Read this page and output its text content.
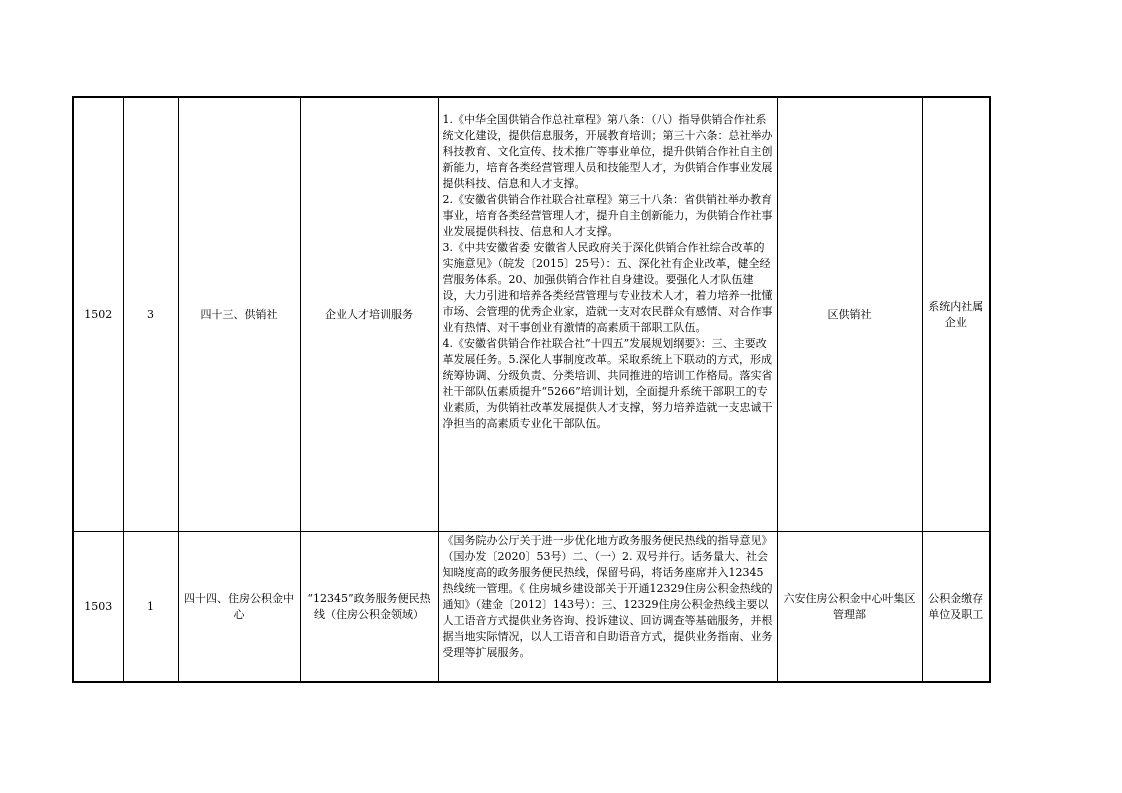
1502	3	四十三、供销社	企业人才培训服务	1.《中华全国供销合作总社章程》第八条：（八）指导供销合作社系统文化建设，提供信息服务，开展教育培训；第三十六条：总社举办科技教育、文化宣传、技术推广等事业单位，提升供销合作社自主创新能力，培育各类经营管理人员和技能型人才，为供销合作事业发展提供科技、信息和人才支撑。
2.《安徽省供销合作社联合社章程》第三十八条：省供销社举办教育事业，培育各类经营管理人才，提升自主创新能力，为供销合作社事业发展提供科技、信息和人才支撑。
3.《中共安徽省委 安徽省人民政府关于深化供销合作社综合改革的实施意见》（皖发〔2015〕25号）：五、深化社有企业改革，健全经营服务体系。20、加强供销合作社自身建设。要强化人才队伍建设，大力引进和培养各类经营管理与专业技术人才，着力培养一批懂市场、会管理的优秀企业家，造就一支对农民群众有感情、对合作事业有热情、对干事创业有激情的高素质干部职工队伍。
4.《安徽省供销合作社联合社“十四五”发展规划纲要》：三、主要改革发展任务。5.深化人事制度改革。采取系统上下联动的方式，形成统筹协调、分级负责、分类培训、共同推进的培训工作格局。落实省社干部队伍素质提升“5266”培训计划，全面提升系统干部职工的专业素质，为供销社改革发展提供人才支撑，努力培养造就一支忠诚干净担当的高素质专业化干部队伍。	区供销社	系统内社属企业
1503	1	四十四、住房公积金中心	“12345”政务服务便民热线（住房公积金领域）	《国务院办公厅关于进一步优化地方政务服务便民热线的指导意见》（国办发〔2020〕53号）二、（一）2. 双号并行。话务量大、社会知晓度高的政务服务便民热线，保留号码，将话务座席并入12345热线统一管理。《 住房城乡建设部关于开通12329住房公积金热线的通知》（建金〔2012〕143号）：三、12329住房公积金热线主要以人工语音方式提供业务咨询、投诉建议、回访调查等基础服务，并根据当地实际情况，以人工语音和自助语音方式，提供业务指南、业务受理等扩展服务。	六安住房公积金中心叶集区管理部	公积金缴存单位及职工
